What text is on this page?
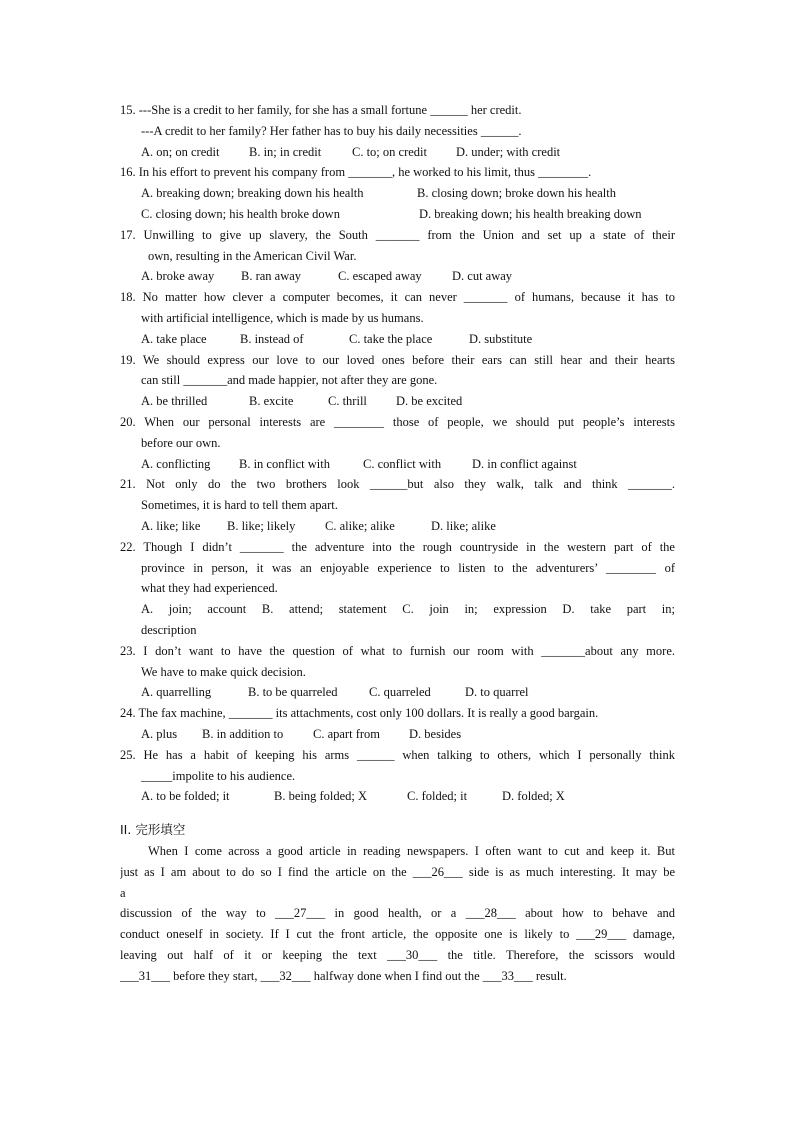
15. ---She is a credit to her family, for she has a small fortune ______ her credit.
---A credit to her family? Her father has to buy his daily necessities ______.
A. on; on credit B. in; in credit C. to; on credit D. under; with credit
16. In his effort to prevent his company from _______, he worked to his limit, thus ________.
A. breaking down; breaking down his health	B. closing down; broke down his health
C. closing down; his health broke down	D. breaking down; his health breaking down
17. Unwilling to give up slavery, the South _______ from the Union and set up a state of their
own, resulting in the American Civil War.
A. broke away B. ran away	C. escaped away D. cut away
18. No matter how clever a computer becomes, it can never _______ of humans, because it has to
with artificial intelligence, which is made by us humans.
A. take place	B. instead of	C. take the place	D. substitute
19. We should express our love to our loved ones before their ears can still hear and their hearts
can still _______and made happier, not after they are gone.
A. be thrilled	B. excite	C. thrill D. be excited
20. When our personal interests are ________ those of people, we should put people’s interests
before our own.
A. conflicting B. in conflict with	C. conflict with D. in conflict against
21. Not only do the two brothers look ______but also they walk, talk and think _______.
Sometimes, it is hard to tell them apart.
A. like; like B. like; likely C. alike; alike	D. like; alike
22. Though I didn’t _______ the adventure into the rough countryside in the western part of the
province in person, it was an enjoyable experience to listen to the adventurers’ ________ of
what they had experienced.
A. join; account B. attend; statement C. join in; expression D. take part in;
description
23. I don’t want to have the question of what to furnish our room with _______about any more.
We have to make quick decision.
A. quarrelling	B. to be quarreled	C. quarreled	D. to quarrel
24. The fax machine, _______ its attachments, cost only 100 dollars. It is really a good bargain.
A. plus B. in addition to C. apart from D. besides
25. He has a habit of keeping his arms ______ when talking to others, which I personally think
_____impolite to his audience.
A. to be folded; it	B. being folded; X	C. folded; it	D. folded; X
II. 完形填空
When I come across a good article in reading newspapers. I often want to cut and keep it. But
just as I am about to do so I find the article on the ___26___ side is as much interesting. It may be
a
discussion of the way to ___27___ in good health, or a ___28___ about how to behave and
conduct oneself in society. If I cut the front article, the opposite one is likely to ___29___ damage,
leaving out half of it or keeping the text ___30___ the title. Therefore, the scissors would
___31___ before they start, ___32___ halfway done when I find out the ___33___ result.
